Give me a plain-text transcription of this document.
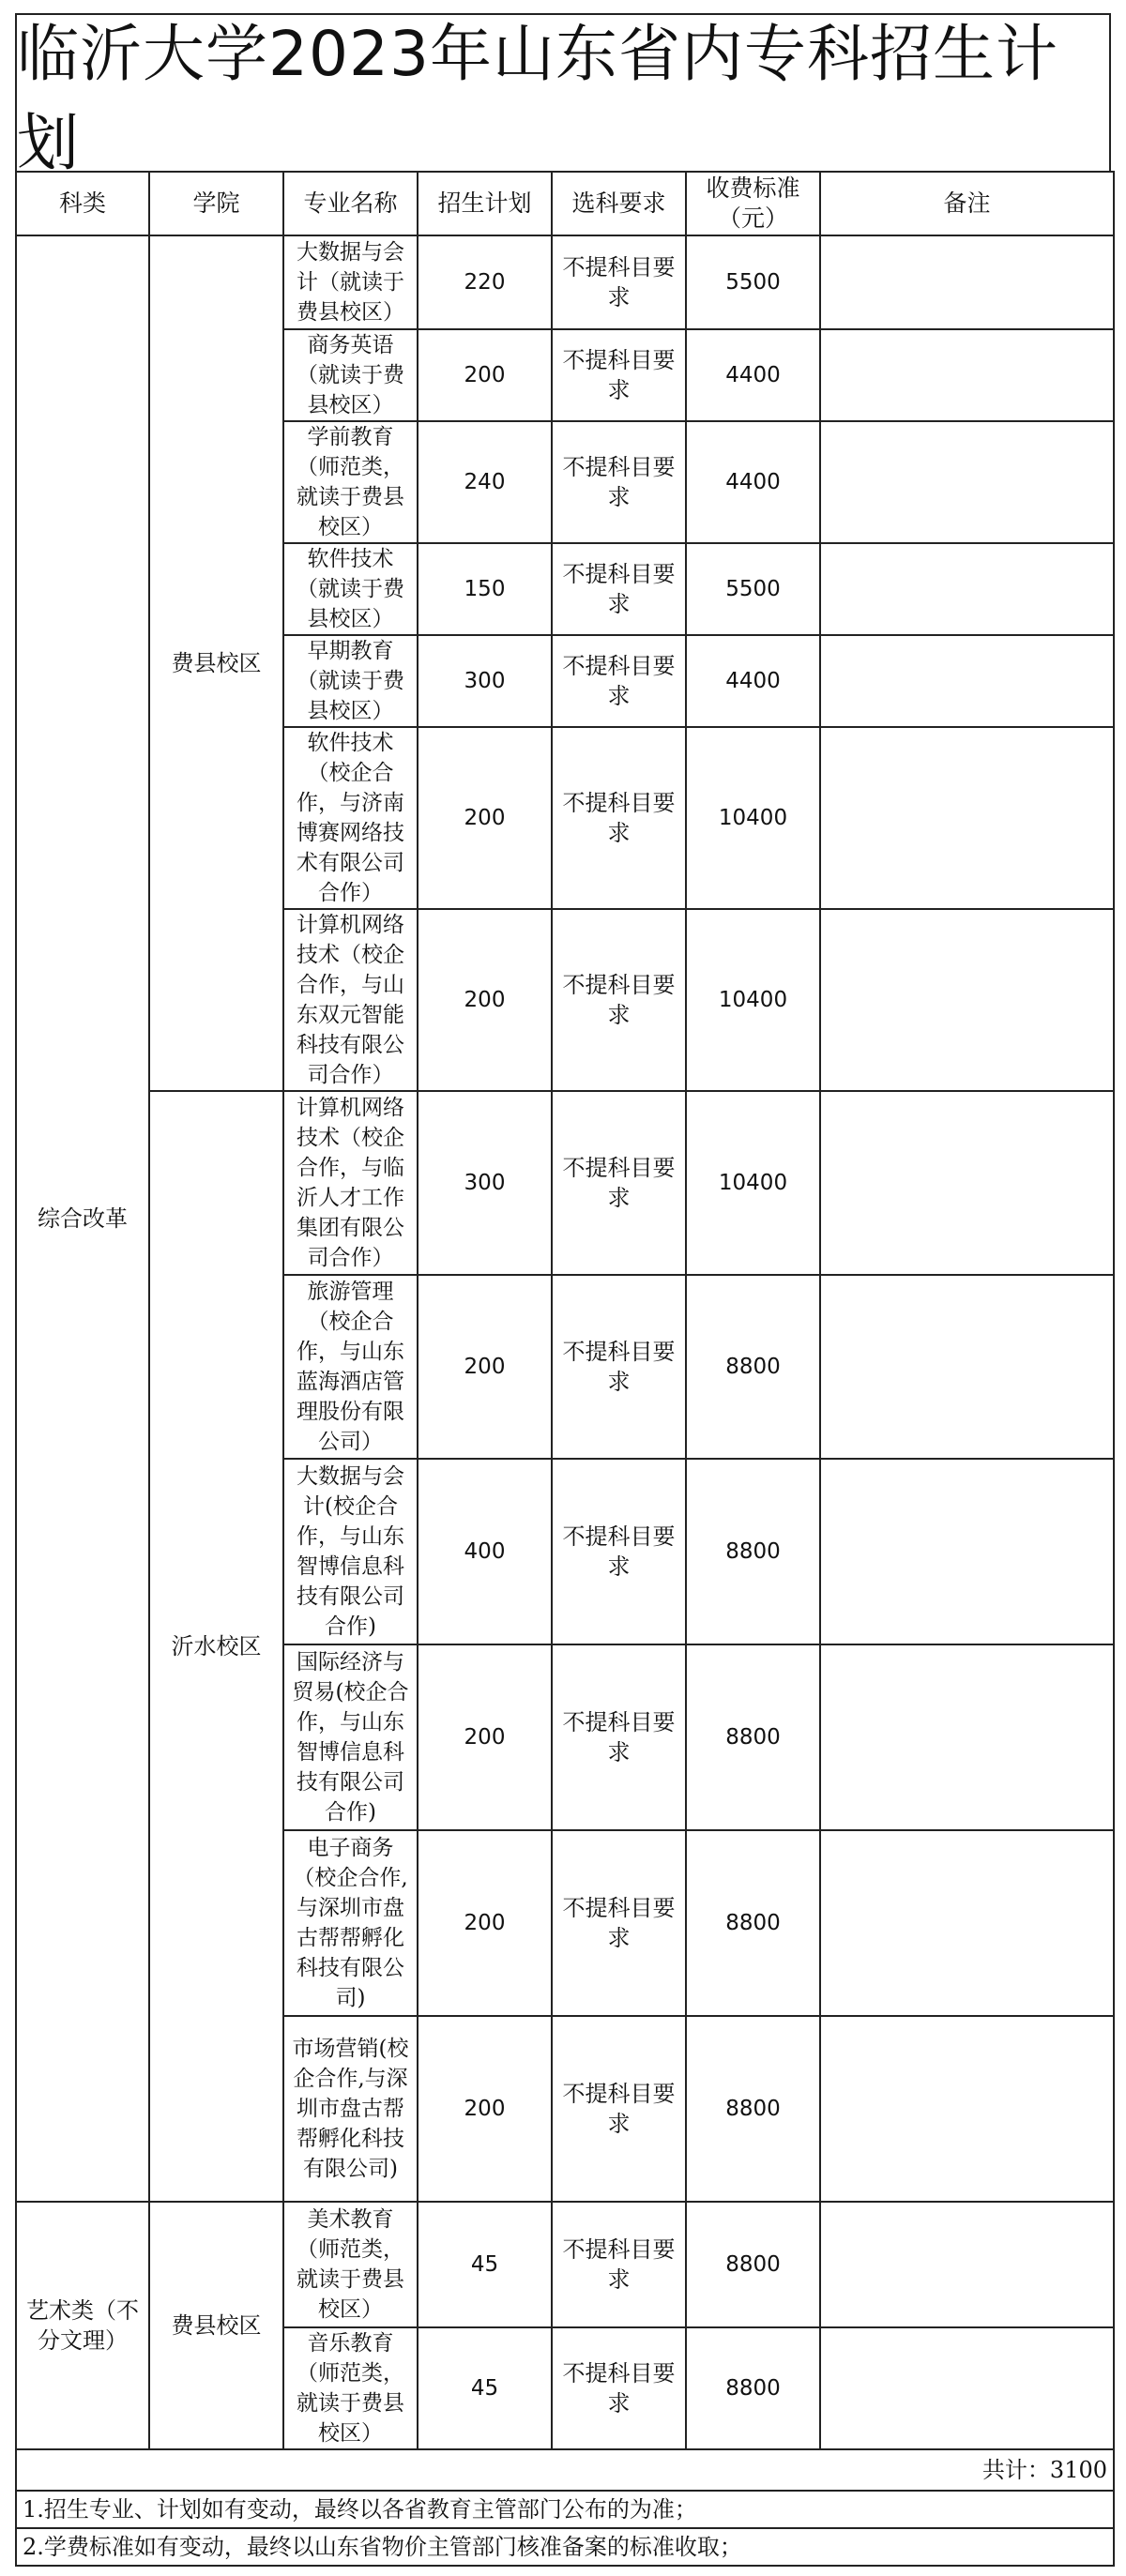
临沂大学2023年山东省内专科招生计划
科类	学院	专业名称	招生计划	选科要求	收费标准（元）	备注
综合改革	费县校区	大数据与会计（就读于费县校区）	220	不提科目要求	5500	
		商务英语（就读于费县校区）	200	不提科目要求	4400	
		学前教育（师范类，就读于费县校区）	240	不提科目要求	4400	
		软件技术（就读于费县校区）	150	不提科目要求	5500	
		早期教育（就读于费县校区）	300	不提科目要求	4400	
		软件技术（校企合作，与济南博赛网络技术有限公司合作）	200	不提科目要求	10400	
		计算机网络技术（校企合作，与山东双元智能科技有限公司合作）	200	不提科目要求	10400	
	沂水校区	计算机网络技术（校企合作，与临沂人才工作集团有限公司合作）	300	不提科目要求	10400	
		旅游管理（校企合作，与山东蓝海酒店管理股份有限公司）	200	不提科目要求	8800	
		大数据与会计(校企合作，与山东智博信息科技有限公司合作)	400	不提科目要求	8800	
		国际经济与贸易(校企合作，与山东智博信息科技有限公司合作)	200	不提科目要求	8800	
		电子商务（校企合作,与深圳市盘古帮帮孵化科技有限公司)	200	不提科目要求	8800	
		市场营销(校企合作,与深圳市盘古帮帮孵化科技有限公司)	200	不提科目要求	8800	
艺术类（不分文理）	费县校区	美术教育（师范类，就读于费县校区）	45	不提科目要求	8800	
		音乐教育（师范类，就读于费县校区）	45	不提科目要求	8800	
共计：3100						
1.招生专业、计划如有变动，最终以各省教育主管部门公布的为准；						
2.学费标准如有变动，最终以山东省物价主管部门核准备案的标准收取；						
